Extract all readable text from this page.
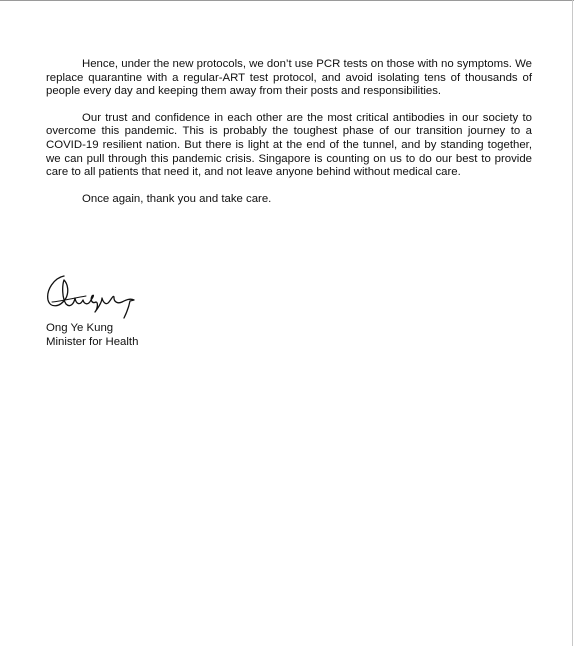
Hence, under the new protocols, we don’t use PCR tests on those with no symptoms. We replace quarantine with a regular-ART test protocol, and avoid isolating tens of thousands of people every day and keeping them away from their posts and responsibilities.

Our trust and confidence in each other are the most critical antibodies in our society to overcome this pandemic. This is probably the toughest phase of our transition journey to a COVID-19 resilient nation. But there is light at the end of the tunnel, and by standing together, we can pull through this pandemic crisis. Singapore is counting on us to do our best to provide care to all patients that need it, and not leave anyone behind without medical care.

Once again, thank you and take care.

Ong Ye Kung
Minister for Health
